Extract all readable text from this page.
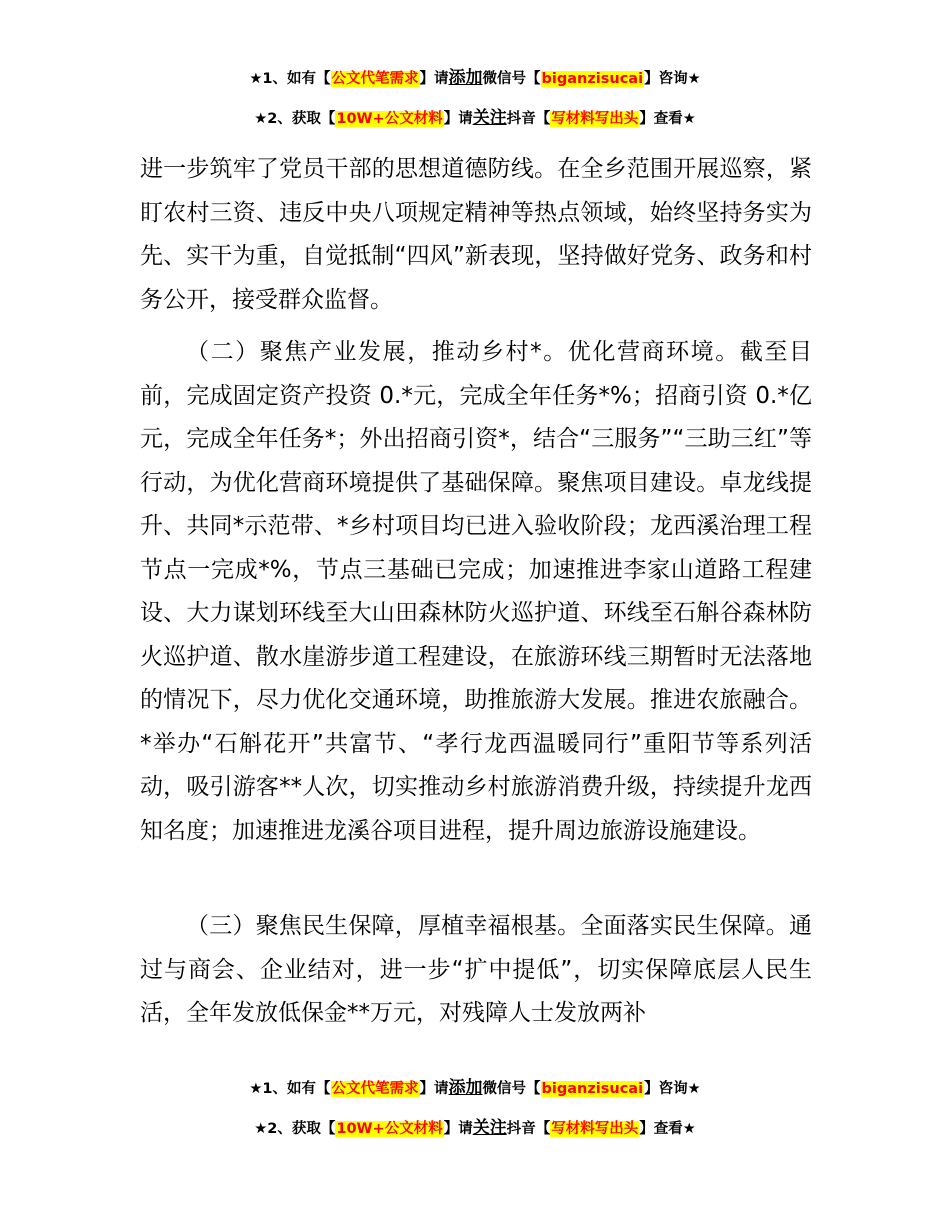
★1、如有【公文代笔需求】请添加微信号【biganzisucai】咨询★
★2、获取【10W+公文材料】请关注抖音【写材料写出头】查看★

进一步筑牢了党员干部的思想道德防线。在全乡范围开展巡察，紧盯农村三资、违反中央八项规定精神等热点领域，始终坚持务实为先、实干为重，自觉抵制“四风”新表现，坚持做好党务、政务和村务公开，接受群众监督。

（二）聚焦产业发展，推动乡村*。优化营商环境。截至目前，完成固定资产投资 0.*元，完成全年任务*%；招商引资 0.*亿元，完成全年任务*；外出招商引资*，结合“三服务”“三助三红”等行动，为优化营商环境提供了基础保障。聚焦项目建设。卓龙线提升、共同*示范带、*乡村项目均已进入验收阶段；龙西溪治理工程节点一完成*%，节点三基础已完成；加速推进李家山道路工程建设、大力谋划环线至大山田森林防火巡护道、环线至石斛谷森林防火巡护道、散水崖游步道工程建设，在旅游环线三期暂时无法落地的情况下，尽力优化交通环境，助推旅游大发展。推进农旅融合。*举办“石斛花开”共富节、“孝行龙西温暖同行”重阳节等系列活动，吸引游客**人次，切实推动乡村旅游消费升级，持续提升龙西知名度；加速推进龙溪谷项目进程，提升周边旅游设施建设。

（三）聚焦民生保障，厚植幸福根基。全面落实民生保障。通过与商会、企业结对，进一步“扩中提低”，切实保障底层人民生活，全年发放低保金**万元，对残障人士发放两补

★1、如有【公文代笔需求】请添加微信号【biganzisucai】咨询★
★2、获取【10W+公文材料】请关注抖音【写材料写出头】查看★
